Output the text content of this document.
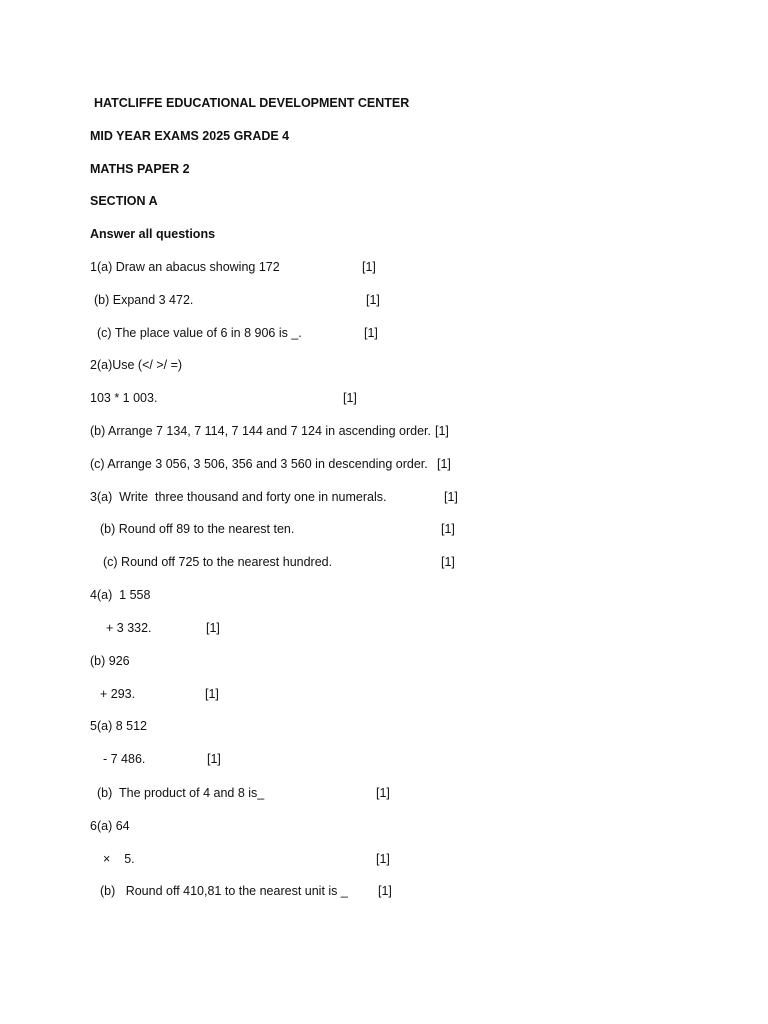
HATCLIFFE EDUCATIONAL DEVELOPMENT CENTER
MID YEAR EXAMS 2025 GRADE 4
MATHS PAPER 2
SECTION A
Answer all questions
1(a) Draw an abacus showing 172	[1]
(b) Expand 3 472.	[1]
(c) The place value of 6 in 8 906 is _.	[1]
2(a)Use (</ >/ =)
103 * 1 003.	[1]
(b) Arrange 7 134, 7 114, 7 144 and 7 124 in ascending order. [1]
(c) Arrange 3 056, 3 506, 356 and 3 560 in descending order. [1]
3(a)  Write  three thousand and forty one in numerals.	[1]
(b) Round off 89 to the nearest ten.	[1]
(c) Round off 725 to the nearest hundred.	[1]
4(a)  1 558
+ 3 332.	[1]
(b) 926
+ 293.	[1]
5(a) 8 512
- 7 486.	[1]
(b)  The product of 4 and 8 is_	[1]
6(a) 64
×    5.	[1]
(b)   Round off 410,81 to the nearest unit is _ [1]
